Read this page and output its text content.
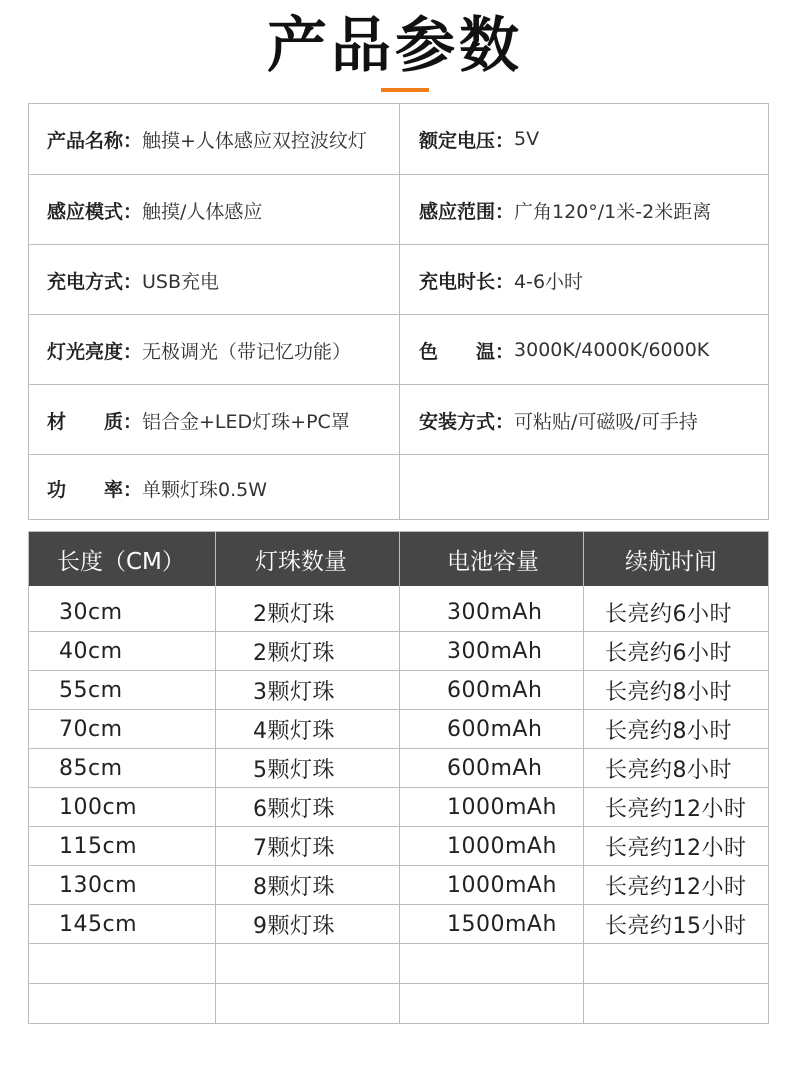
产品参数
产品名称： 触摸+人体感应双控波纹灯	额定电压： 5V
感应模式： 触摸/人体感应	感应范围： 广角120°/1米-2米距离
充电方式： USB充电	充电时长： 4-6小时
灯光亮度： 无极调光（带记忆功能）	色　　温： 3000K/4000K/6000K
材　　质： 铝合金+LED灯珠+PC罩	安装方式： 可粘贴/可磁吸/可手持
功　　率： 单颗灯珠0.5W
长度（CM）	灯珠数量	电池容量	续航时间
30cm	2颗灯珠	300mAh	长亮约6小时
40cm	2颗灯珠	300mAh	长亮约6小时
55cm	3颗灯珠	600mAh	长亮约8小时
70cm	4颗灯珠	600mAh	长亮约8小时
85cm	5颗灯珠	600mAh	长亮约8小时
100cm	6颗灯珠	1000mAh 长亮约12小时
115cm	7颗灯珠	1000mAh 长亮约12小时
130cm	8颗灯珠	1000mAh 长亮约12小时
145cm	9颗灯珠	1500mAh 长亮约15小时
